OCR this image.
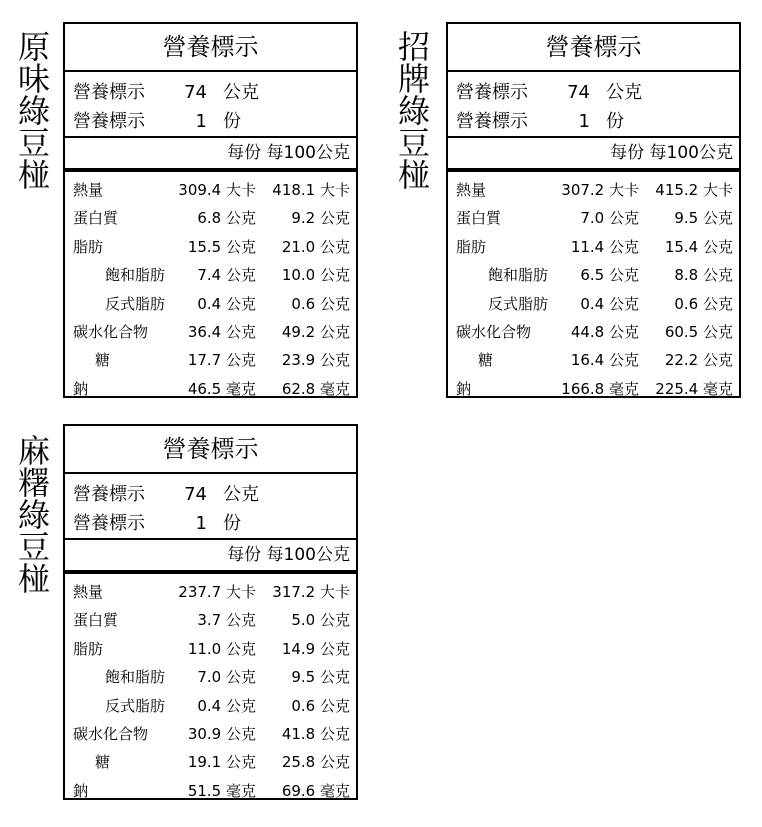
原味綠豆椪	營養標示
營養標示 74 公克
營養標示	1 份
每份 每100公克
熱量	309.4 大卡 418.1 大卡
蛋白質	6.8 公克 9.2 公克
脂肪	15.5 公克 21.0 公克
飽和脂肪 7.4 公克 10.0 公克
反式脂肪 0.4 公克 0.6 公克
碳水化合物	36.4 公克 49.2 公克
糖	17.7 公克 23.9 公克
鈉	46.5 毫克 62.8 毫克
招牌綠豆椪	營養標示
營養標示 74 公克
營養標示	1 份
每份 每100公克
熱量	307.2 大卡 415.2 大卡
蛋白質	7.0 公克 9.5 公克
脂肪	11.4 公克 15.4 公克
飽和脂肪 6.5 公克 8.8 公克
反式脂肪 0.4 公克 0.6 公克
碳水化合物	44.8 公克 60.5 公克
糖	16.4 公克 22.2 公克
鈉	166.8 毫克 225.4 毫克
麻糬綠豆椪	營養標示
營養標示 74 公克
營養標示	1 份
每份 每100公克
熱量	237.7 大卡 317.2 大卡
蛋白質	3.7 公克 5.0 公克
脂肪	11.0 公克 14.9 公克
飽和脂肪 7.0 公克 9.5 公克
反式脂肪 0.4 公克 0.6 公克
碳水化合物	30.9 公克 41.8 公克
糖	19.1 公克 25.8 公克
鈉	51.5 毫克 69.6 毫克
